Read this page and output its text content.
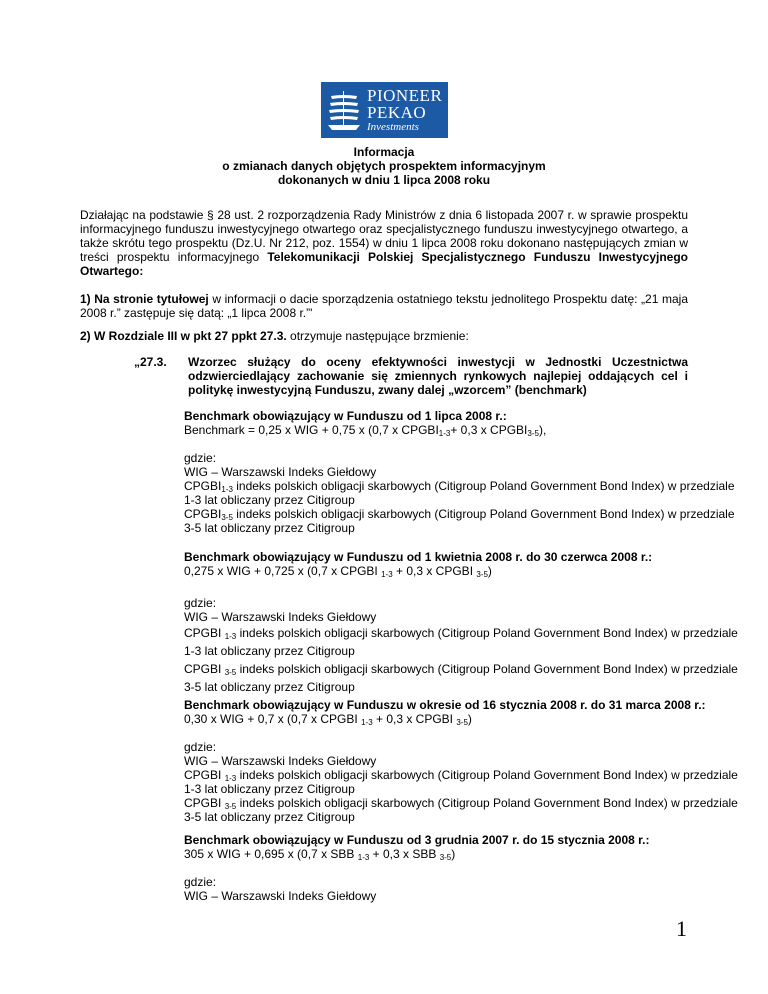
PIONEER
PEKAO
Investments
Informacja
o zmianach danych objętych prospektem informacyjnym
dokonanych w dniu 1 lipca 2008 roku
Działając na podstawie § 28 ust. 2 rozporządzenia Rady Ministrów z dnia 6 listopada 2007 r. w sprawie prospektu informacyjnego funduszu inwestycyjnego otwartego oraz specjalistycznego funduszu inwestycyjnego otwartego, a także skrótu tego prospektu (Dz.U. Nr 212, poz. 1554) w dniu 1 lipca 2008 roku dokonano następujących zmian w treści prospektu informacyjnego Telekomunikacji Polskiej Specjalistycznego Funduszu Inwestycyjnego Otwartego:
1) Na stronie tytułowej w informacji o dacie sporządzenia ostatniego tekstu jednolitego Prospektu datę: „21 maja 2008 r.” zastępuje się datą: „1 lipca 2008 r.”'
2) W Rozdziale III w pkt 27 ppkt 27.3. otrzymuje następujące brzmienie:
„27.3. Wzorzec służący do oceny efektywności inwestycji w Jednostki Uczestnictwa odzwierciedlający zachowanie się zmiennych rynkowych najlepiej oddających cel i politykę inwestycyjną Funduszu, zwany dalej „wzorcem” (benchmark)
Benchmark obowiązujący w Funduszu od 1 lipca 2008 r.:
Benchmark = 0,25 x WIG + 0,75 x (0,7 x $CPGBI_{1-3}+ 0,3$ x $CPGBI_{3-5}$),
gdzie:
WIG – Warszawski Indeks Giełdowy
$CPGBI_{1-3}$ indeks polskich obligacji skarbowych (Citigroup Poland Government Bond Index) w przedziale
1-3 lat obliczany przez Citigroup
$CPGBI_{3-5}$ indeks polskich obligacji skarbowych (Citigroup Poland Government Bond Index) w przedziale
3-5 lat obliczany przez Citigroup
Benchmark obowiązujący w Funduszu od 1 kwietnia 2008 r. do 30 czerwca 2008 r.:
0,275 x WIG + 0,725 x (0,7 x CPGBI $_{1-3}$ + 0,3 x CPGBI $_{3-5}$)
gdzie:
WIG – Warszawski Indeks Giełdowy
CPGBI $_{1-3}$ indeks polskich obligacji skarbowych (Citigroup Poland Government Bond Index) w przedziale
1-3 lat obliczany przez Citigroup
CPGBI $_{3-5}$ indeks polskich obligacji skarbowych (Citigroup Poland Government Bond Index) w przedziale
3-5 lat obliczany przez Citigroup
Benchmark obowiązujący w Funduszu w okresie od 16 stycznia 2008 r. do 31 marca 2008 r.:
0,30 x WIG + 0,7 x (0,7 x CPGBI $_{1-3}$ + 0,3 x CPGBI $_{3-5}$)
gdzie:
WIG – Warszawski Indeks Giełdowy
CPGBI $_{1-3}$ indeks polskich obligacji skarbowych (Citigroup Poland Government Bond Index) w przedziale
1-3 lat obliczany przez Citigroup
CPGBI $_{3-5}$ indeks polskich obligacji skarbowych (Citigroup Poland Government Bond Index) w przedziale
3-5 lat obliczany przez Citigroup
Benchmark obowiązujący w Funduszu od 3 grudnia 2007 r. do 15 stycznia 2008 r.:
305 x WIG + 0,695 x (0,7 x SBB $_{1-3}$ + 0,3 x SBB $_{3-5}$)
gdzie:
WIG – Warszawski Indeks Giełdowy
1
